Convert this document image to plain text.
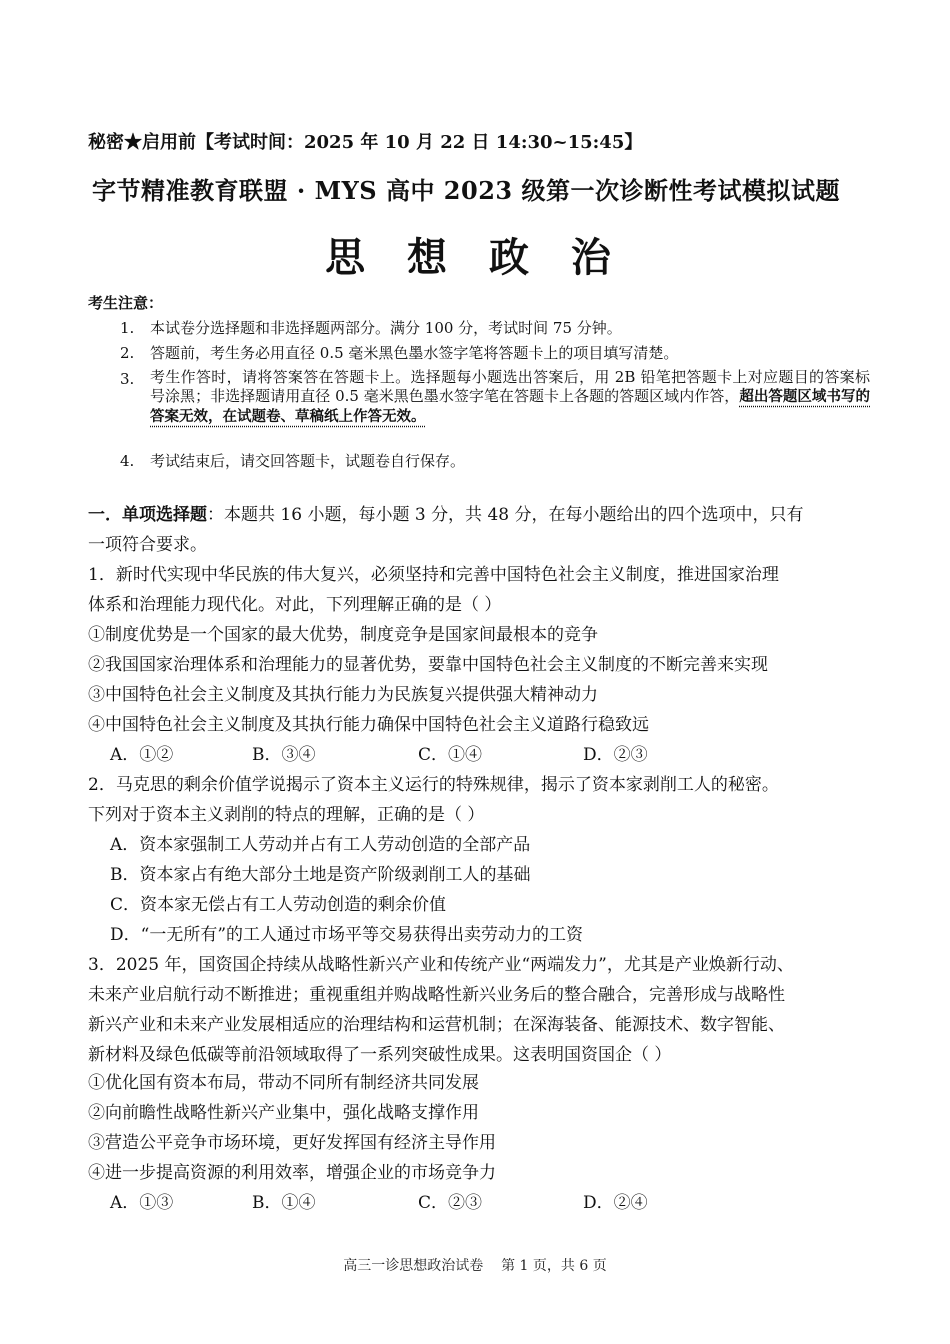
秘密★启用前【考试时间：2025 年 10 月 22 日 14:30~15:45】
字节精准教育联盟 · MYS 高中 2023 级第一次诊断性考试模拟试题
思 想 政 治
考生注意：
1. 本试卷分选择题和非选择题两部分。满分 100 分，考试时间 75 分钟。
2. 答题前，考生务必用直径 0.5 毫米黑色墨水签字笔将答题卡上的项目填写清楚。
3. 考生作答时，请将答案答在答题卡上。选择题每小题选出答案后，用 2B 铅笔把答题卡上对应题目的答案标号涂黑；非选择题请用直径 0.5 毫米黑色墨水签字笔在答题卡上各题的答题区域内作答，超出答题区域书写的答案无效，在试题卷、草稿纸上作答无效。
4. 考试结束后，请交回答题卡，试题卷自行保存。
一．单项选择题：本题共 16 小题，每小题 3 分，共 48 分，在每小题给出的四个选项中，只有
一项符合要求。
1．新时代实现中华民族的伟大复兴，必须坚持和完善中国特色社会主义制度，推进国家治理
体系和治理能力现代化。对此，下列理解正确的是（ ）
①制度优势是一个国家的最大优势，制度竞争是国家间最根本的竞争
②我国国家治理体系和治理能力的显著优势，要靠中国特色社会主义制度的不断完善来实现
③中国特色社会主义制度及其执行能力为民族复兴提供强大精神动力
④中国特色社会主义制度及其执行能力确保中国特色社会主义道路行稳致远
A．①②	B．③④	C．①④	D．②③
2．马克思的剩余价值学说揭示了资本主义运行的特殊规律，揭示了资本家剥削工人的秘密。
下列对于资本主义剥削的特点的理解，正确的是（ ）
A．资本家强制工人劳动并占有工人劳动创造的全部产品
B．资本家占有绝大部分土地是资产阶级剥削工人的基础
C．资本家无偿占有工人劳动创造的剩余价值
D．“一无所有”的工人通过市场平等交易获得出卖劳动力的工资
3．2025 年，国资国企持续从战略性新兴产业和传统产业“两端发力”，尤其是产业焕新行动、
未来产业启航行动不断推进；重视重组并购战略性新兴业务后的整合融合，完善形成与战略性
新兴产业和未来产业发展相适应的治理结构和运营机制；在深海装备、能源技术、数字智能、
新材料及绿色低碳等前沿领域取得了一系列突破性成果。这表明国资国企（ ）
①优化国有资本布局，带动不同所有制经济共同发展
②向前瞻性战略性新兴产业集中，强化战略支撑作用
③营造公平竞争市场环境，更好发挥国有经济主导作用
④进一步提高资源的利用效率，增强企业的市场竞争力
A．①③	B．①④	C．②③	D．②④
高三一诊思想政治试卷    第 1 页，共 6 页
